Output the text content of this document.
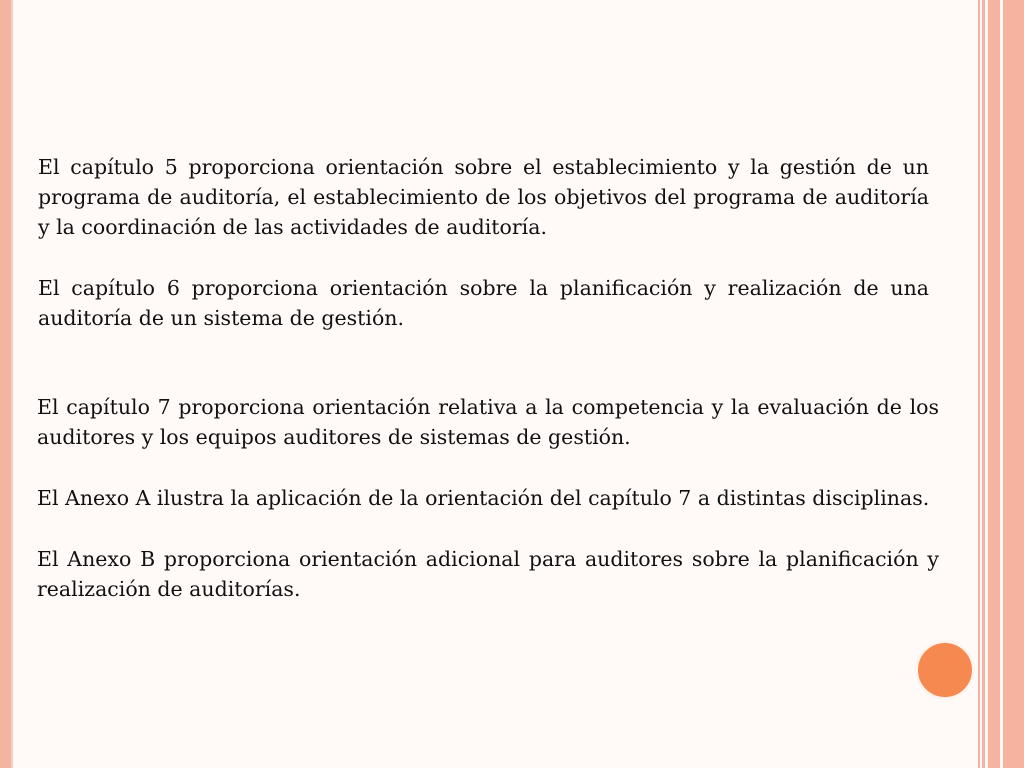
El capítulo 5 proporciona orientación sobre el establecimiento y la gestión de un programa de auditoría, el establecimiento de los objetivos del programa de auditoría y la coordinación de las actividades de auditoría.

El capítulo 6 proporciona orientación sobre la planificación y realización de una auditoría de un sistema de gestión.

El capítulo 7 proporciona orientación relativa a la competencia y la evaluación de los auditores y los equipos auditores de sistemas de gestión.

El Anexo A ilustra la aplicación de la orientación del capítulo 7 a distintas disciplinas.

El Anexo B proporciona orientación adicional para auditores sobre la planificación y realización de auditorías.
